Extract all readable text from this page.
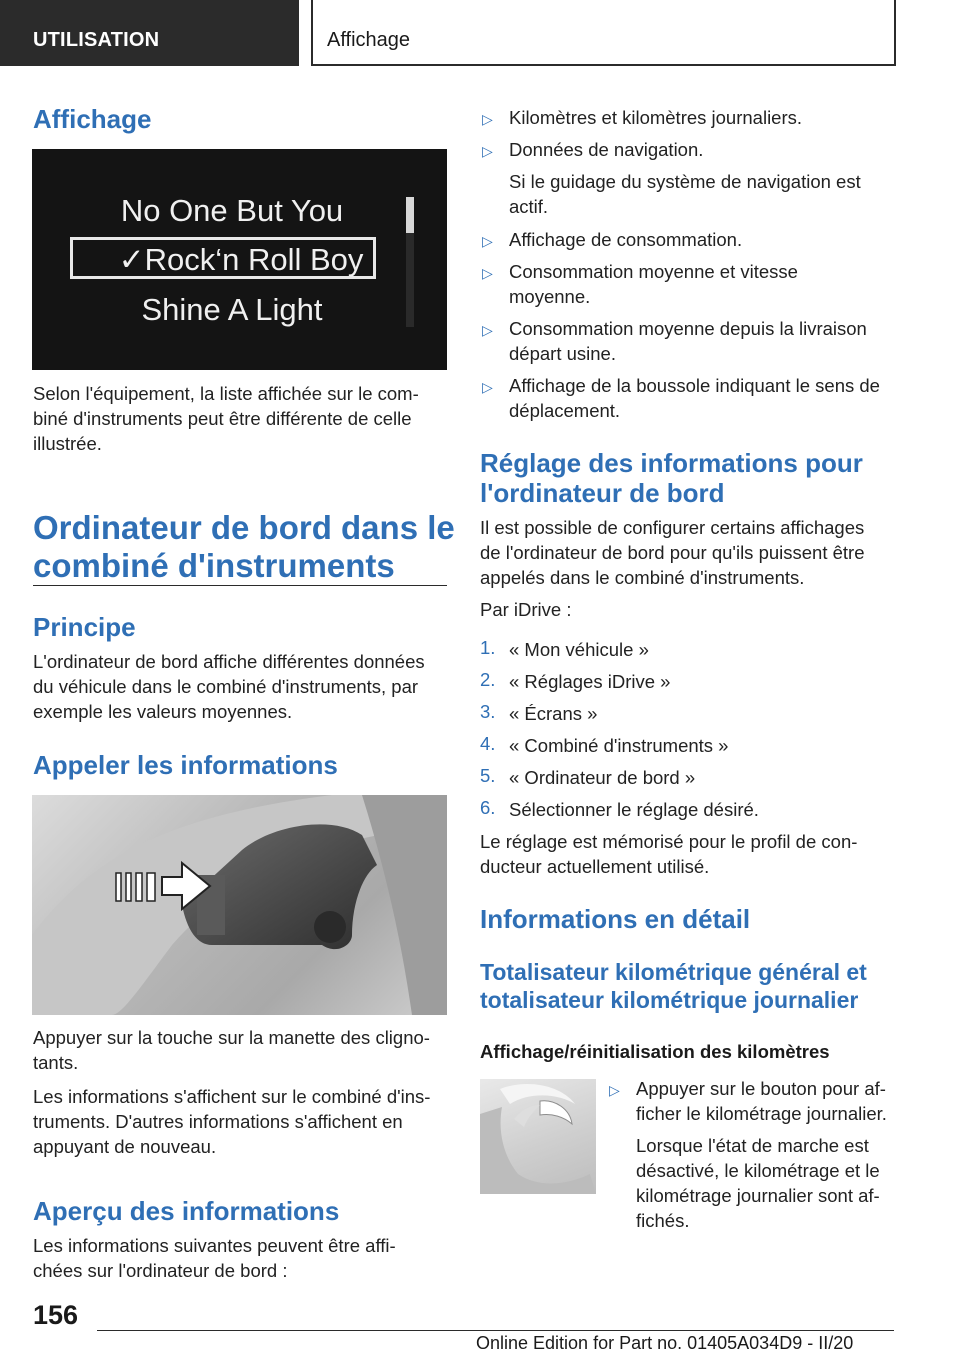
UTILISATION	Affichage
Affichage
No One But You
✓Rock‘n Roll Boy
Shine A Light
Selon l'équipement, la liste affichée sur le com-
biné d'instruments peut être différente de celle
illustrée.
Ordinateur de bord dans le
combiné d'instruments
Principe
L'ordinateur de bord affiche différentes données
du véhicule dans le combiné d'instruments, par
exemple les valeurs moyennes.
Appeler les informations
Appuyer sur la touche sur la manette des cligno-
tants.
Les informations s'affichent sur le combiné d'ins-
truments. D'autres informations s'affichent en
appuyant de nouveau.
Aperçu des informations
Les informations suivantes peuvent être affi-
chées sur l'ordinateur de bord :
▷ Kilomètres et kilomètres journaliers.
▷ Données de navigation.
Si le guidage du système de navigation est
actif.
▷ Affichage de consommation.
▷ Consommation moyenne et vitesse
moyenne.
▷ Consommation moyenne depuis la livraison
départ usine.
▷ Affichage de la boussole indiquant le sens de
déplacement.
Réglage des informations pour
l'ordinateur de bord
Il est possible de configurer certains affichages
de l'ordinateur de bord pour qu'ils puissent être
appelés dans le combiné d'instruments.
Par iDrive :
1. « Mon véhicule »
2. « Réglages iDrive »
3. « Écrans »
4. « Combiné d'instruments »
5. « Ordinateur de bord »
6. Sélectionner le réglage désiré.
Le réglage est mémorisé pour le profil de con-
ducteur actuellement utilisé.
Informations en détail
Totalisateur kilométrique général et
totalisateur kilométrique journalier
Affichage/réinitialisation des kilomètres
▷ Appuyer sur le bouton pour af-
ficher le kilométrage journalier.
Lorsque l'état de marche est
désactivé, le kilométrage et le
kilométrage journalier sont af-
fichés.
156
Online Edition for Part no. 01405A034D9 - II/20
